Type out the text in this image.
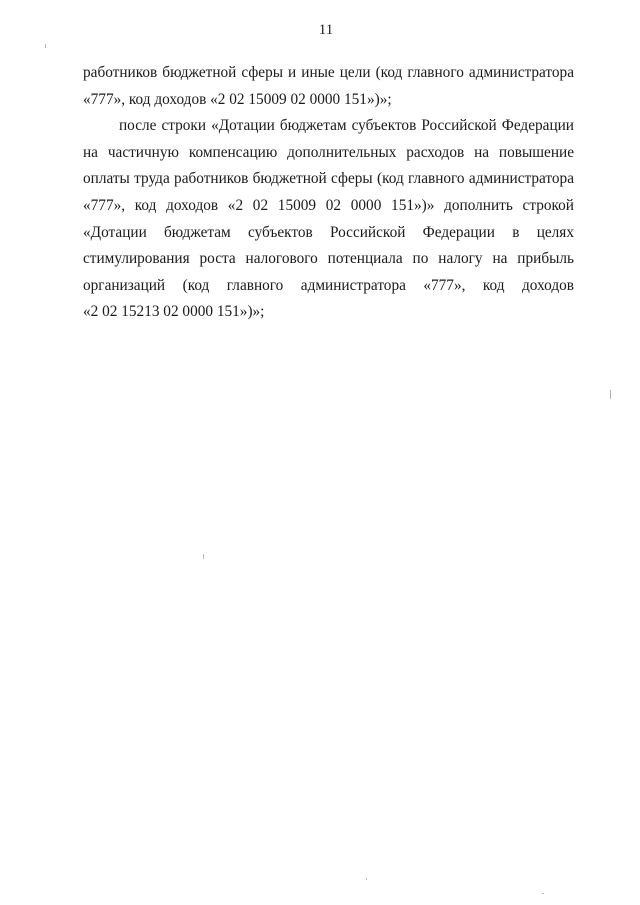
11
работников бюджетной сферы и иные цели (код главного администратора
«777», код доходов «2 02 15009 02 0000 151»)»;
после строки «Дотации бюджетам субъектов Российской Федерации
на частичную компенсацию дополнительных расходов на повышение
оплаты труда работников бюджетной сферы (код главного администратора
«777», код доходов «2 02 15009 02 0000 151»)» дополнить строкой
«Дотации бюджетам субъектов Российской Федерации в целях
стимулирования роста налогового потенциала по налогу на прибыль
организаций (код главного администратора «777», код доходов
«2 02 15213 02 0000 151»)»;
